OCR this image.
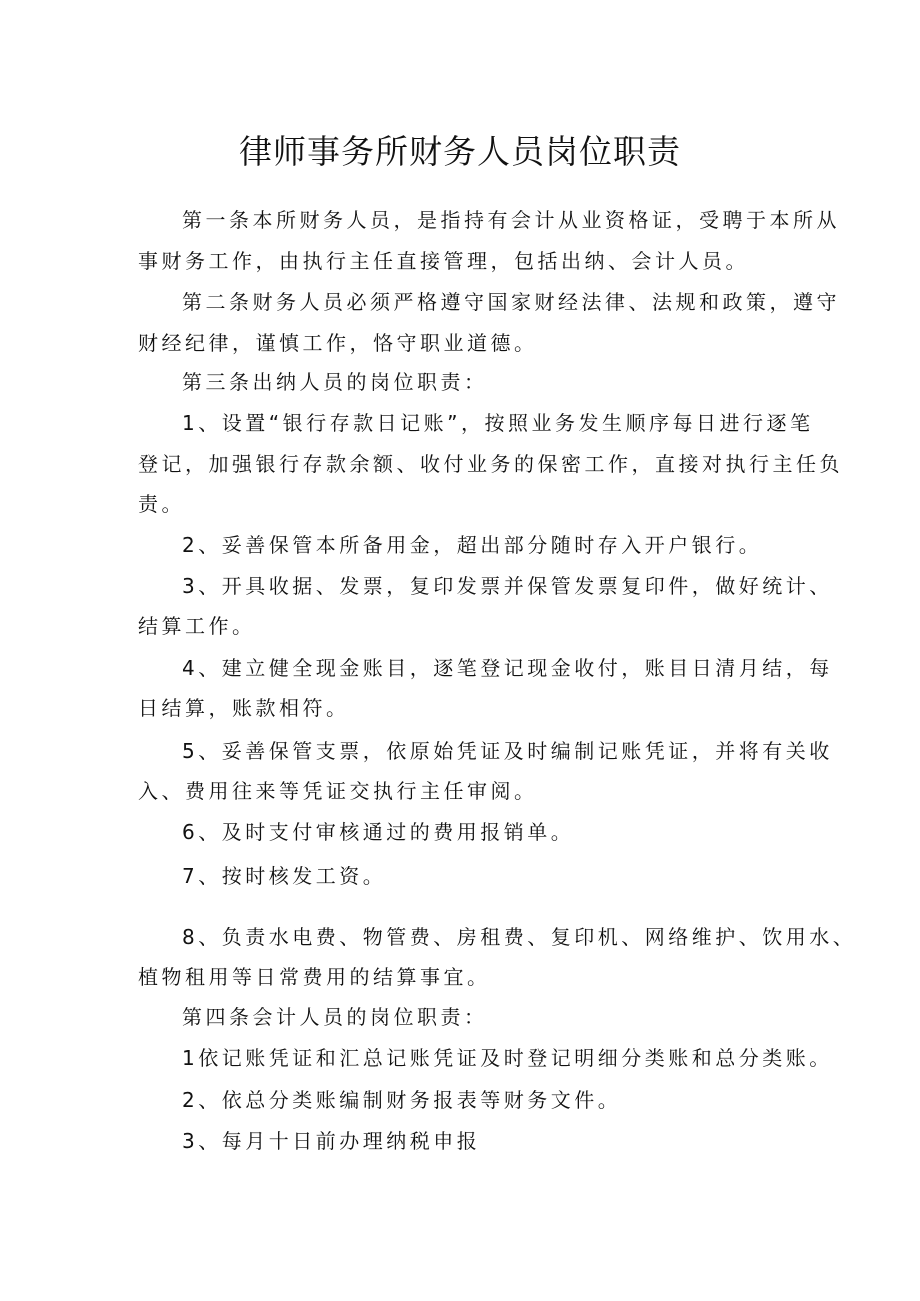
律师事务所财务人员岗位职责
第一条本所财务人员，是指持有会计从业资格证，受聘于本所从
事财务工作，由执行主任直接管理，包括出纳、会计人员。
第二条财务人员必须严格遵守国家财经法律、法规和政策，遵守
财经纪律，谨慎工作，恪守职业道德。
第三条出纳人员的岗位职责：
1、设置“银行存款日记账”，按照业务发生顺序每日进行逐笔
登记，加强银行存款余额、收付业务的保密工作，直接对执行主任负
责。
2、妥善保管本所备用金，超出部分随时存入开户银行。
3、开具收据、发票，复印发票并保管发票复印件，做好统计、
结算工作。
4、建立健全现金账目，逐笔登记现金收付，账目日清月结，每
日结算，账款相符。
5、妥善保管支票，依原始凭证及时编制记账凭证，并将有关收
入、费用往来等凭证交执行主任审阅。
6、及时支付审核通过的费用报销单。
7、按时核发工资。
8、负责水电费、物管费、房租费、复印机、网络维护、饮用水、
植物租用等日常费用的结算事宜。
第四条会计人员的岗位职责：
1依记账凭证和汇总记账凭证及时登记明细分类账和总分类账。
2、依总分类账编制财务报表等财务文件。
3、每月十日前办理纳税申报
